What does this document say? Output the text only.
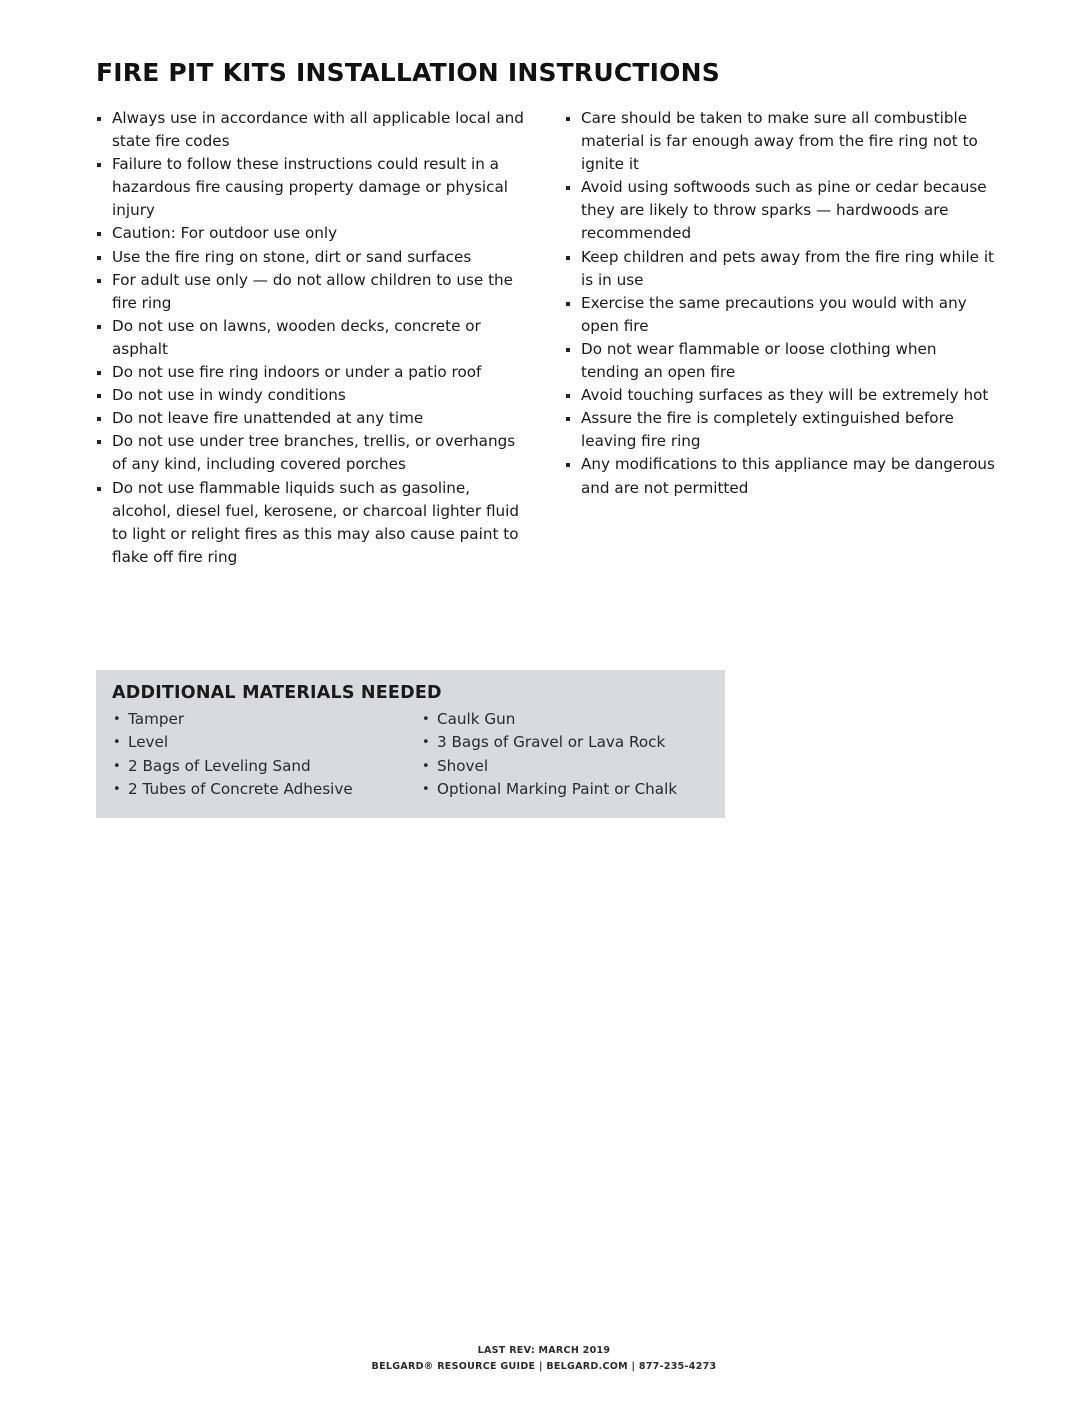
FIRE PIT KITS INSTALLATION INSTRUCTIONS
Always use in accordance with all applicable local and state fire codes
Failure to follow these instructions could result in a hazardous fire causing property damage or physical injury
Caution: For outdoor use only
Use the fire ring on stone, dirt or sand surfaces
For adult use only — do not allow children to use the fire ring
Do not use on lawns, wooden decks, concrete or asphalt
Do not use fire ring indoors or under a patio roof
Do not use in windy conditions
Do not leave fire unattended at any time
Do not use under tree branches, trellis, or overhangs of any kind, including covered porches
Do not use flammable liquids such as gasoline, alcohol, diesel fuel, kerosene, or charcoal lighter fluid to light or relight fires as this may also cause paint to flake off fire ring
Care should be taken to make sure all combustible material is far enough away from the fire ring not to ignite it
Avoid using softwoods such as pine or cedar because they are likely to throw sparks — hardwoods are recommended
Keep children and pets away from the fire ring while it is in use
Exercise the same precautions you would with any open fire
Do not wear flammable or loose clothing when tending an open fire
Avoid touching surfaces as they will be extremely hot
Assure the fire is completely extinguished before leaving fire ring
Any modifications to this appliance may be dangerous and are not permitted
ADDITIONAL MATERIALS NEEDED
• Tamper
• Level
• 2 Bags of Leveling Sand
• 2 Tubes of Concrete Adhesive
• Caulk Gun
• 3 Bags of Gravel or Lava Rock
• Shovel
• Optional Marking Paint or Chalk
LAST REV: MARCH 2019
BELGARD® RESOURCE GUIDE | BELGARD.COM | 877-235-4273
